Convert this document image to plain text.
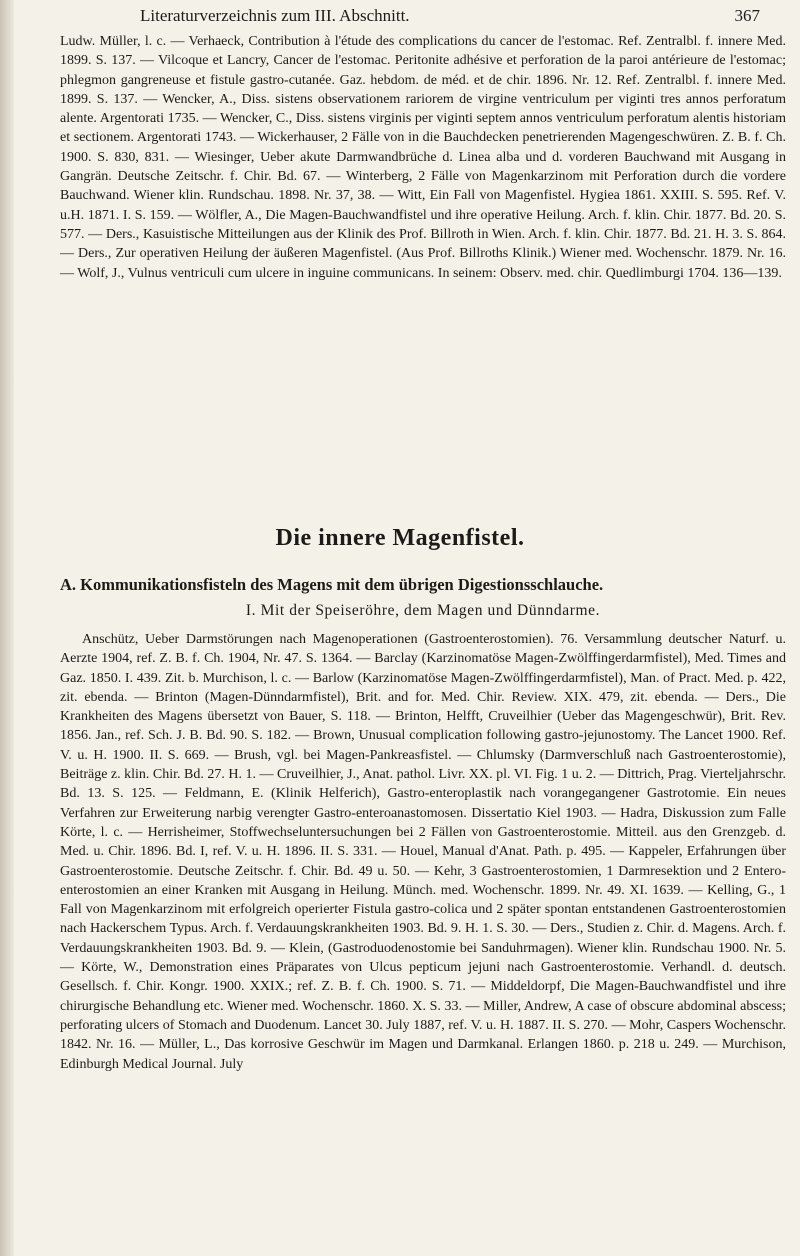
Literaturverzeichnis zum III. Abschnitt.	367

Ludw. Müller, l. c. — Verhaeck, Contribution à l'étude des complications du cancer de l'estomac. Ref. Zentralbl. f. innere Med. 1899. S. 137. — Vilcoque et Lancry, Cancer de l'estomac. Peritonite adhésive et perforation de la paroi antérieure de l'estomac; phlegmon gangreneuse et fistule gastro-cutanée. Gaz. hebdom. de méd. et de chir. 1896. Nr. 12. Ref. Zentralbl. f. innere Med. 1899. S. 137. — Wencker, A., Diss. sistens observationem rariorem de virgine ventriculum per viginti tres annos perforatum alente. Argentorati 1735. — Wencker, C., Diss. sistens virginis per viginti septem annos ventriculum perforatum alentis historiam et sectionem. Argentorati 1743. — Wickerhauser, 2 Fälle von in die Bauchdecken penetrierenden Magengeschwüren. Z. B. f. Ch. 1900. S. 830, 831. — Wiesinger, Ueber akute Darmwandbrüche d. Linea alba und d. vorderen Bauchwand mit Ausgang in Gangrän. Deutsche Zeitschr. f. Chir. Bd. 67. — Winterberg, 2 Fälle von Magenkarzinom mit Perforation durch die vordere Bauchwand. Wiener klin. Rundschau. 1898. Nr. 37, 38. — Witt, Ein Fall von Magenfistel. Hygiea 1861. XXIII. S. 595. Ref. V. u.H. 1871. I. S. 159. — Wölfler, A., Die Magen-Bauchwandfistel und ihre operative Heilung. Arch. f. klin. Chir. 1877. Bd. 20. S. 577. — Ders., Kasuistische Mitteilungen aus der Klinik des Prof. Billroth in Wien. Arch. f. klin. Chir. 1877. Bd. 21. H. 3. S. 864. — Ders., Zur operativen Heilung der äußeren Magenfistel. (Aus Prof. Billroths Klinik.) Wiener med. Wochenschr. 1879. Nr. 16. — Wolf, J., Vulnus ventriculi cum ulcere in inguine communicans. In seinem: Observ. med. chir. Quedlimburgi 1704. 136—139.

Die innere Magenfistel.
A. Kommunikationsfisteln des Magens mit dem übrigen Digestionsschlauche.
I. Mit der Speiseröhre, dem Magen und Dünndarme.

Anschütz, Ueber Darmstörungen nach Magenoperationen (Gastroenterostomien). 76. Versammlung deutscher Naturf. u. Aerzte 1904, ref. Z. B. f. Ch. 1904, Nr. 47. S. 1364. — Barclay (Karzinomatöse Magen-Zwölffingerdarmfistel), Med. Times and Gaz. 1850. I. 439. Zit. b. Murchison, l. c. — Barlow (Karzinomatöse Magen-Zwölffingerdarmfistel), Man. of Pract. Med. p. 422, zit. ebenda. — Brinton (Magen-Dünndarmfistel), Brit. and for. Med. Chir. Review. XIX. 479, zit. ebenda. — Ders., Die Krankheiten des Magens übersetzt von Bauer, S. 118. — Brinton, Helfft, Cruveilhier (Ueber das Magengeschwür), Brit. Rev. 1856. Jan., ref. Sch. J. B. Bd. 90. S. 182. — Brown, Unusual complication following gastro-jejunostomy. The Lancet 1900. Ref. V. u. H. 1900. II. S. 669. — Brush, vgl. bei Magen-Pankreasfistel. — Chlumsky (Darmverschluß nach Gastroenterostomie), Beiträge z. klin. Chir. Bd. 27. H. 1. — Cruveilhier, J., Anat. pathol. Livr. XX. pl. VI. Fig. 1 u. 2. — Dittrich, Prag. Vierteljahrschr. Bd. 13. S. 125. — Feldmann, E. (Klinik Helferich), Gastro-enteroplastik nach vorangegangener Gastrotomie. Ein neues Verfahren zur Erweiterung narbig verengter Gastro-enteroanastomosen. Dissertatio Kiel 1903. — Hadra, Diskussion zum Falle Körte, l. c. — Herrisheimer, Stoffwechseluntersuchungen bei 2 Fällen von Gastroenterostomie. Mitteil. aus den Grenzgeb. d. Med. u. Chir. 1896. Bd. I, ref. V. u. H. 1896. II. S. 331. — Houel, Manual d'Anat. Path. p. 495. — Kappeler, Erfahrungen über Gastroenterostomie. Deutsche Zeitschr. f. Chir. Bd. 49 u. 50. — Kehr, 3 Gastroenterostomien, 1 Darmresektion und 2 Entero-enterostomien an einer Kranken mit Ausgang in Heilung. Münch. med. Wochenschr. 1899. Nr. 49. XI. 1639. — Kelling, G., 1 Fall von Magenkarzinom mit erfolgreich operierter Fistula gastro-colica und 2 später spontan entstandenen Gastroenterostomien nach Hackerschem Typus. Arch. f. Verdauungskrankheiten 1903. Bd. 9. H. 1. S. 30. — Ders., Studien z. Chir. d. Magens. Arch. f. Verdauungskrankheiten 1903. Bd. 9. — Klein, (Gastroduodenostomie bei Sanduhrmagen). Wiener klin. Rundschau 1900. Nr. 5. — Körte, W., Demonstration eines Präparates von Ulcus pepticum jejuni nach Gastroenterostomie. Verhandl. d. deutsch. Gesellsch. f. Chir. Kongr. 1900. XXIX.; ref. Z. B. f. Ch. 1900. S. 71. — Middeldorpf, Die Magen-Bauchwandfistel und ihre chirurgische Behandlung etc. Wiener med. Wochenschr. 1860. X. S. 33. — Miller, Andrew, A case of obscure abdominal abscess; perforating ulcers of Stomach and Duodenum. Lancet 30. July 1887, ref. V. u. H. 1887. II. S. 270. — Mohr, Caspers Wochenschr. 1842. Nr. 16. — Müller, L., Das korrosive Geschwür im Magen und Darmkanal. Erlangen 1860. p. 218 u. 249. — Murchison, Edinburgh Medical Journal. July
